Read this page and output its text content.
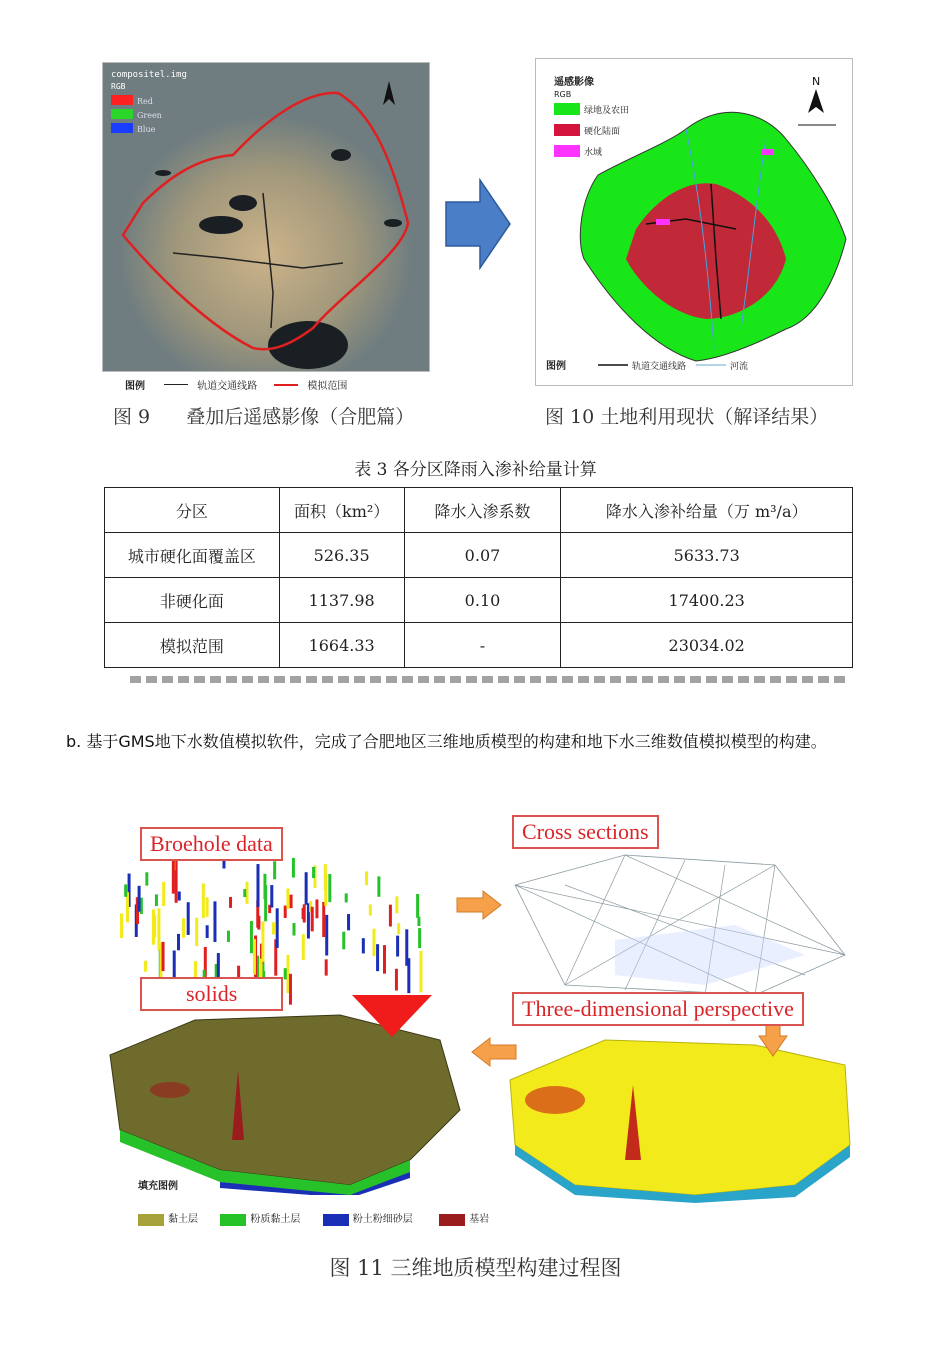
compositel.img
RGB
Red
Green
Blue
图例	轨道交通线路	模拟范围
图 9 叠加后遥感影像（合肥篇）
遥感影像
RGB
绿地及农田
硬化陆面
水域
N
图例	轨道交通线路	河流
图 10 土地利用现状（解译结果）
表 3 各分区降雨入渗补给量计算
分区	面积（km²）	降水入渗系数	降水入渗补给量（万 m³/a）
城市硬化面覆盖区	526.35	0.07	5633.73
非硬化面	1137.98	0.10	17400.23
模拟范围	1664.33	-	23034.02
b. 基于GMS地下水数值模拟软件，完成了合肥地区三维地质模型的构建和地下水三维数值模拟模型的构建。
Broehole data	Cross sections
solids
Three-dimensional perspective
填充图例
黏土层	粉质黏土层	粉土粉细砂层	基岩
图 11 三维地质模型构建过程图
